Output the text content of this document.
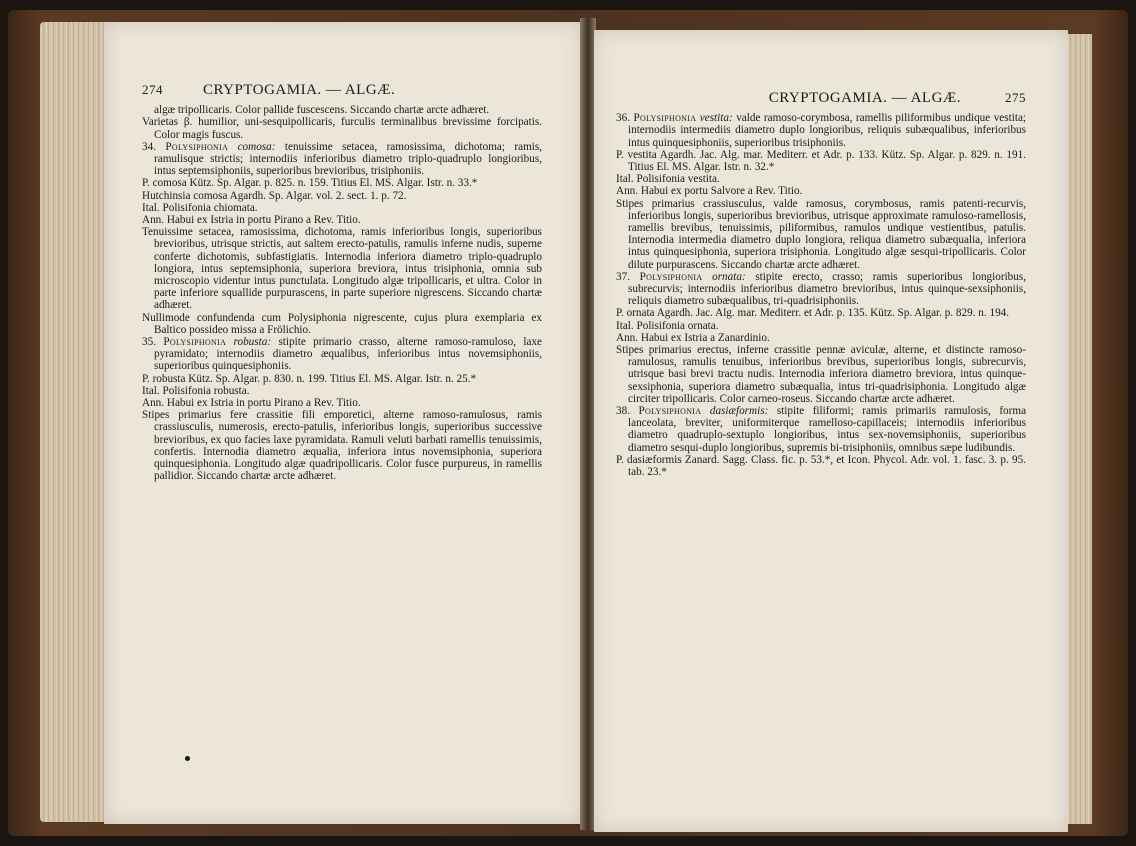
274	CRYPTOGAMIA. — ALGÆ.

algæ tripollicaris. Color pallide fuscescens. Siccando chartæ arcte adhæret.

Varietas β. humilior, uni-sesquipollicaris, furculis terminalibus brevissime forcipatis. Color magis fuscus.

34. Polysiphonia comosa: tenuissime setacea, ramosissima, dichotoma; ramis, ramulisque strictis; internodiis inferioribus diametro triplo-quadruplo longioribus, intus septemsiphoniis, superioribus brevioribus, trisiphoniis.

P. comosa Kütz. Sp. Algar. p. 825. n. 159. Titius El. MS. Algar. Istr. n. 33.*

Hutchinsia comosa Agardh. Sp. Algar. vol. 2. sect. 1. p. 72.

Ital. Polisifonia chiomata.

Ann. Habui ex Istria in portu Pirano a Rev. Titio.

Tenuissime setacea, ramosissima, dichotoma, ramis inferioribus longis, superioribus brevioribus, utrisque strictis, aut saltem erecto-patulis, ramulis inferne nudis, superne conferte dichotomis, subfastigiatis. Internodia inferiora diametro triplo-quadruplo longiora, intus septemsiphonia, superiora breviora, intus trisiphonia, omnia sub microscopio videntur intus punctulata. Longitudo algæ tripollicaris, et ultra. Color in parte inferiore squallide purpurascens, in parte superiore nigrescens. Siccando chartæ adhæret.

Nullimode confundenda cum Polysiphonia nigrescente, cujus plura exemplaria ex Baltico possideo missa a Frölichio.

35. Polysiphonia robusta: stipite primario crasso, alterne ramoso-ramuloso, laxe pyramidato; internodiis diametro æqualibus, inferioribus intus novemsiphoniis, superioribus quinquesiphoniis.

P. robusta Kütz. Sp. Algar. p. 830. n. 199. Titius El. MS. Algar. Istr. n. 25.*

Ital. Polisifonia robusta.

Ann. Habui ex Istria in portu Pirano a Rev. Titio.

Stipes primarius fere crassitie fili emporetici, alterne ramoso-ramulosus, ramis crassiusculis, numerosis, erecto-patulis, inferioribus longis, superioribus successive brevioribus, ex quo facies laxe pyramidata. Ramuli veluti barbati ramellis tenuissimis, confertis. Internodia diametro æqualia, inferiora intus novemsiphonia, superiora quinquesiphonia. Longitudo algæ quadripollicaris. Color fusce purpureus, in ramellis pallidior. Siccando chartæ arcte adhæret.

CRYPTOGAMIA. — ALGÆ.	275

36. Polysiphonia vestita: valde ramoso-corymbosa, ramellis piliformibus undique vestita; internodiis intermediis diametro duplo longioribus, reliquis subæqualibus, inferioribus intus quinquesiphoniis, superioribus trisiphoniis.

P. vestita Agardh. Jac. Alg. mar. Mediterr. et Adr. p. 133. Kütz. Sp. Algar. p. 829. n. 191. Titius El. MS. Algar. Istr. n. 32.*

Ital. Polisifonia vestita.

Ann. Habui ex portu Salvore a Rev. Titio.

Stipes primarius crassiusculus, valde ramosus, corymbosus, ramis patenti-recurvis, inferioribus longis, superioribus brevioribus, utrisque approximate ramuloso-ramellosis, ramellis brevibus, tenuissimis, piliformibus, ramulos undique vestientibus, patulis. Internodia intermedia diametro duplo longiora, reliqua diametro subæqualia, inferiora intus quinquesiphonia, superiora trisiphonia. Longitudo algæ sesqui-tripollicaris. Color dilute purpurascens. Siccando chartæ arcte adhæret.

37. Polysiphonia ornata: stipite erecto, crasso; ramis superioribus longioribus, subrecurvis; internodiis inferioribus diametro brevioribus, intus quinque-sexsiphoniis, reliquis diametro subæqualibus, tri-quadrisiphoniis.

P. ornata Agardh. Jac. Alg. mar. Mediterr. et Adr. p. 135. Kütz. Sp. Algar. p. 829. n. 194.

Ital. Polisifonia ornata.

Ann. Habui ex Istria a Zanardinio.

Stipes primarius erectus, inferne crassitie pennæ aviculæ, alterne, et distincte ramoso-ramulosus, ramulis tenuibus, inferioribus brevibus, superioribus longis, subrecurvis, utrisque basi brevi tractu nudis. Internodia inferiora diametro breviora, intus quinque-sexsiphonia, superiora diametro subæqualia, intus tri-quadrisiphonia. Longitudo algæ circiter tripollicaris. Color carneo-roseus. Siccando chartæ arcte adhæret.

38. Polysiphonia dasiæformis: stipite filiformi; ramis primariis ramulosis, forma lanceolata, breviter, uniformiterque ramelloso-capillaceis; internodiis inferioribus diametro quadruplo-sextuplo longioribus, intus sex-novemsiphoniis, superioribus diametro sesqui-duplo longioribus, supremis bi-trisiphoniis, omnibus sæpe ludibundis.

P. dasiæformis Zanard. Sagg. Class. fic. p. 53.*, et Icon. Phycol. Adr. vol. 1. fasc. 3. p. 95. tab. 23.*
